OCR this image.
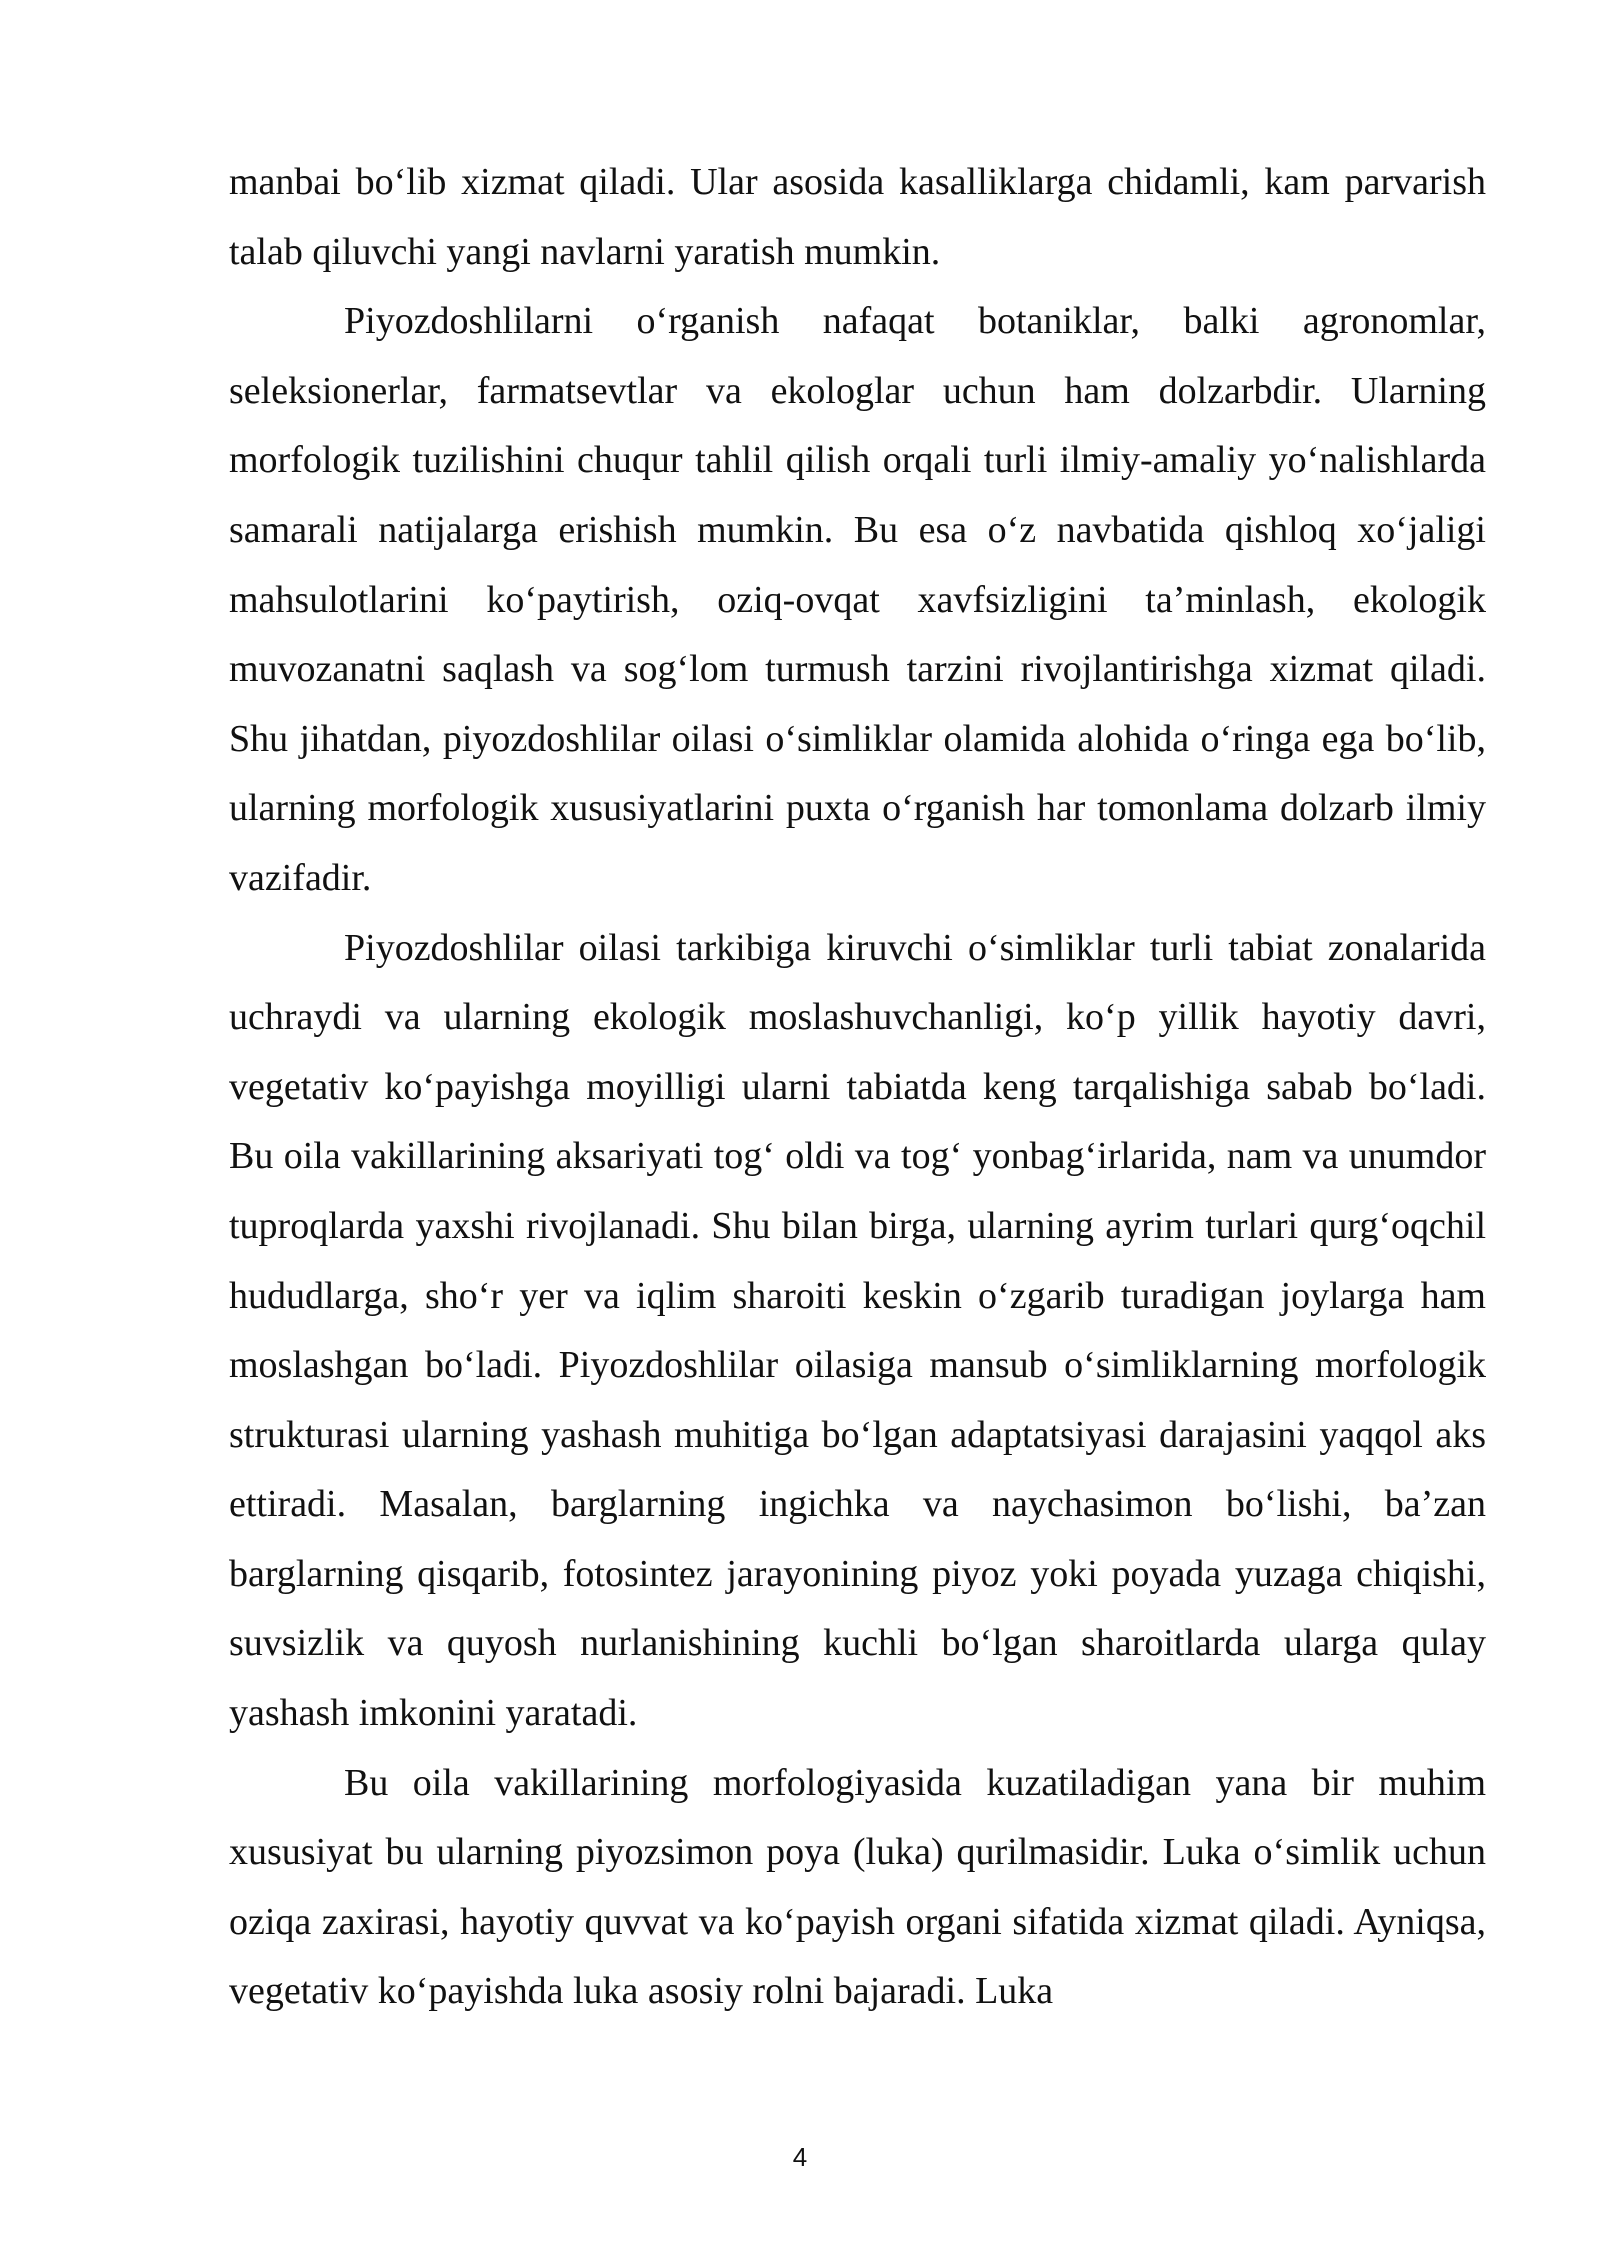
manbai bo‘lib xizmat qiladi. Ular asosida kasalliklarga chidamli, kam parvarish talab qiluvchi yangi navlarni yaratish mumkin.

Piyozdoshlilarni o‘rganish nafaqat botaniklar, balki agronomlar, seleksionerlar, farmatsevtlar va ekologlar uchun ham dolzarbdir. Ularning morfologik tuzilishini chuqur tahlil qilish orqali turli ilmiy-amaliy yo‘nalishlarda samarali natijalarga erishish mumkin. Bu esa o‘z navbatida qishloq xo‘jaligi mahsulotlarini ko‘paytirish, oziq-ovqat xavfsizligini ta’minlash, ekologik muvozanatni saqlash va sog‘lom turmush tarzini rivojlantirishga xizmat qiladi. Shu jihatdan, piyozdoshlilar oilasi o‘simliklar olamida alohida o‘ringa ega bo‘lib, ularning morfologik xususiyatlarini puxta o‘rganish har tomonlama dolzarb ilmiy vazifadir.

Piyozdoshlilar oilasi tarkibiga kiruvchi o‘simliklar turli tabiat zonalarida uchraydi va ularning ekologik moslashuvchanligi, ko‘p yillik hayotiy davri, vegetativ ko‘payishga moyilligi ularni tabiatda keng tarqalishiga sabab bo‘ladi. Bu oila vakillarining aksariyati tog‘ oldi va tog‘ yonbag‘irlarida, nam va unumdor tuproqlarda yaxshi rivojlanadi. Shu bilan birga, ularning ayrim turlari qurg‘oqchil hududlarga, sho‘r yer va iqlim sharoiti keskin o‘zgarib turadigan joylarga ham moslashgan bo‘ladi. Piyozdoshlilar oilasiga mansub o‘simliklarning morfologik strukturasi ularning yashash muhitiga bo‘lgan adaptatsiyasi darajasini yaqqol aks ettiradi. Masalan, barglarning ingichka va naychasimon bo‘lishi, ba’zan barglarning qisqarib, fotosintez jarayonining piyoz yoki poyada yuzaga chiqishi, suvsizlik va quyosh nurlanishining kuchli bo‘lgan sharoitlarda ularga qulay yashash imkonini yaratadi.

Bu oila vakillarining morfologiyasida kuzatiladigan yana bir muhim xususiyat bu ularning piyozsimon poya (luka) qurilmasidir. Luka o‘simlik uchun oziqa zaxirasi, hayotiy quvvat va ko‘payish organi sifatida xizmat qiladi. Ayniqsa, vegetativ ko‘payishda luka asosiy rolni bajaradi. Luka

4
